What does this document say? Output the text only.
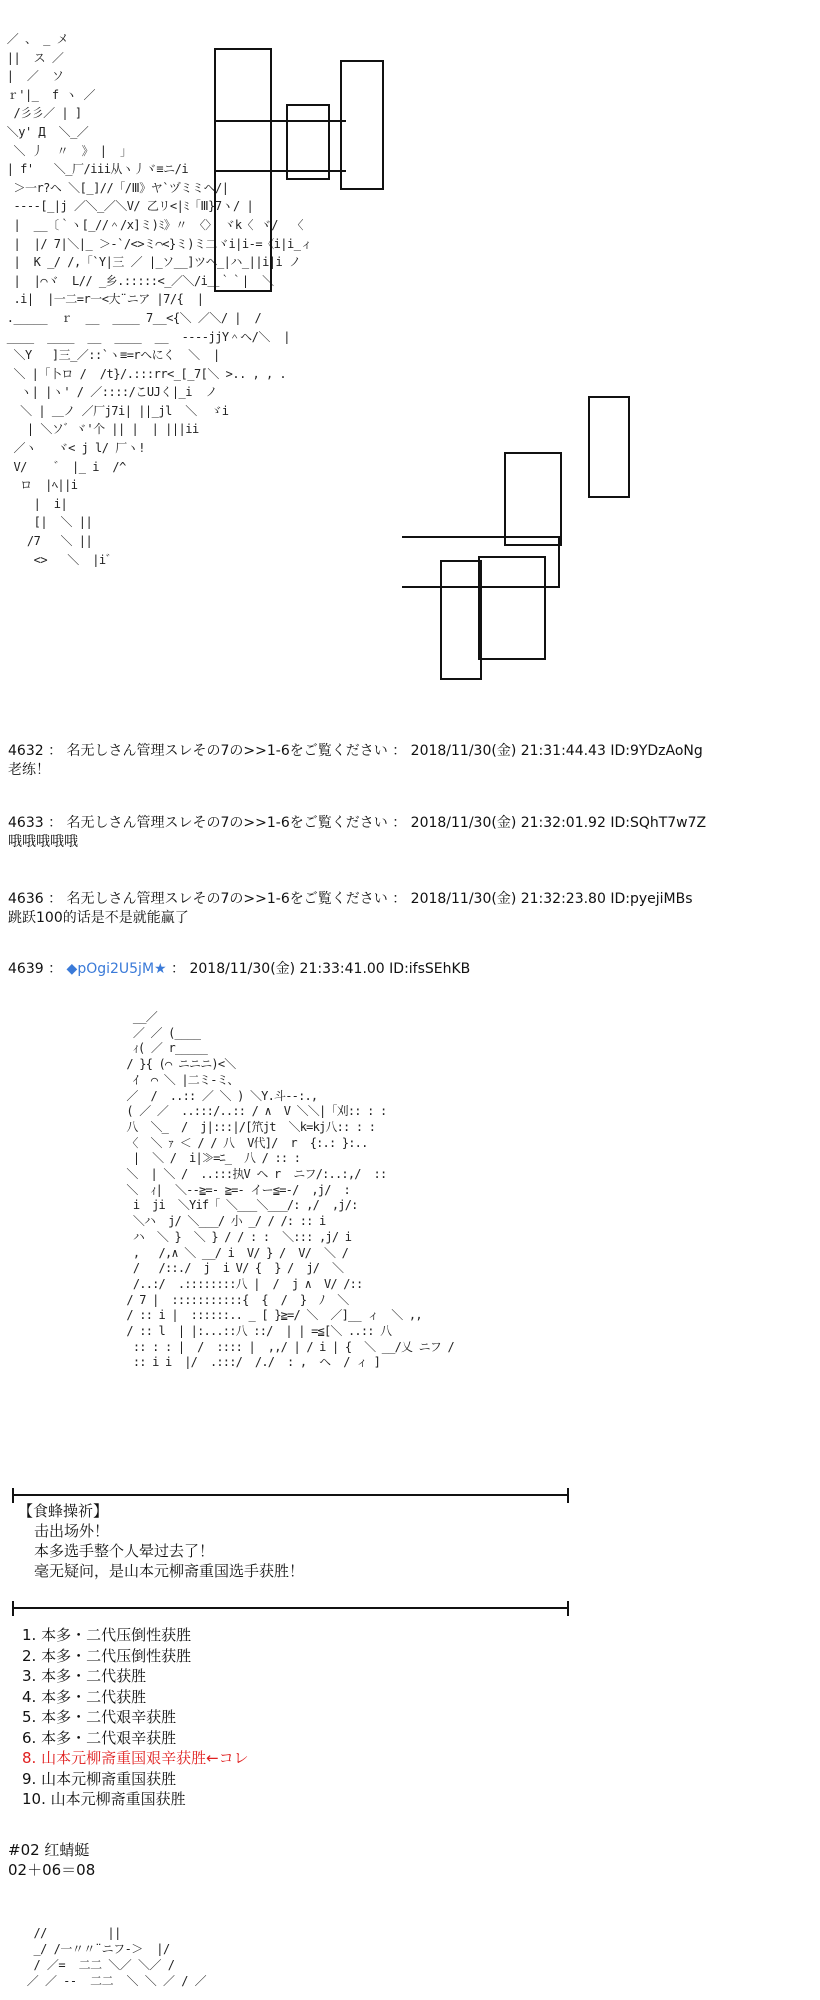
／ 、 _ メ
||  ス ／
|  ／  ソ
ｒ'|_  f ヽ ／
/彡彡／ | ]
＼y' Д  ＼_／
＼ 丿  〃  》 |  」
| f'   ＼_厂/iii从ヽ丿ヾ≡ニ/i
＞一r?ヘ ＼[_]//「/Ⅲ》ヤ`ヅミミヘ/|
----[_|j ／＼_／＼V/ 乙リ<|ﾐ「Ⅲ}7ヽ/ |
|  __〔｀ヽ[_//＾/x]ミ)ﾐ》〃 〈〉 ヾk〈 ヾ/  〈
|  |/ 7|＼|_ ＞-`/<>ミ⌒<}ミ)ミ二ヾi|i-=《i|i_ィ
|  K _/ /,「`Y|三 ／ |_ソ__]ツヘ_|ハ_||i|i ノ
|  |⌒ヾ  L// _乡.:::::<_／＼/i＿｀｀|  ＼
.i|  |一二=r一<大¨ニア |7/{  |
._____  ｒ  __  ____ 7__<{＼ ／＼/ |  /
____  ____  __  ____  __  ----jjY＾ヘ/＼  |
＼Y   ]三_／::`ヽ≡=rヘにく  ＼  |
＼ |「卜ロ /  /t}/.:::rr<_[_7[＼ >.. , , .
ヽ| |ヽ' / ／::::/こUJく|_i  ノ
＼ | ＿ノ ／厂j7i| ||_jl  ＼  ゞi
| ＼ソ゛ヾ'个 || |  | |||ii
／ヽ   ヾ< j l/ 厂ヽ!
V/    ゛ |_ i  /^
ロ  |ﾍ||i
|  i|
[|  ＼ ||
/7   ＼ ||
<>   ＼  |i゛
4632 ： 名无しさん管理スレその7の>>1-6をご覧ください ： 2018/11/30(金) 21:31:44.43 ID:9YDzAoNg
老练！
4633 ： 名无しさん管理スレその7の>>1-6をご覧ください ： 2018/11/30(金) 21:32:01.92 ID:SQhT7w7Z
哦哦哦哦哦
4636 ： 名无しさん管理スレその7の>>1-6をご覧ください ： 2018/11/30(金) 21:32:23.80 ID:pyejiMBs
跳跃100的话是不是就能赢了
4639 ： ◆pOgi2U5jM★ ： 2018/11/30(金) 21:33:41.00 ID:ifsSEhKB
__／
／ ／ (____
ｨ( ／ r_____
/ }{ (⌒ ニニニ)<＼
ｲ  ⌒ ＼ |二ミ-ミ、
／  /  ..:: ／ ＼ ) ＼Y.斗--:.,
( ／ ／  ..:::/..:: / ∧  V ＼＼|「刈:: : :
八  ＼_  /  j|:::|/[笊jt  ＼k=kj八:: : :
〈  ＼ ｧ ＜ / / 八  V代]/  r  {:.: }:..
|  ＼ /  i|≫=ﾆ_  八 / :: :
＼  | ＼ /  ..:::执V ヘ r  ニフ/:..:,/  ::
＼  ｨ|  ＼--≧=- ≧=- イー≦=-/  ,j/  :
i  ji  ＼Yif「 ＼___＼___/: ,/  ,j/:
＼ハ  j/ ＼___/ 小 _/ / /: :: i
ハ  ＼ }  ＼ } / / : :  ＼::: ,j/ i
,   /,∧ ＼ __/ i  V/ } /  V/  ＼ /
/   /::./  j  i V/ {  } /  j/  ＼
/..:/  .::::::::八 |  /  j ∧  V/ /::
/ 7 |  :::::::::::{  {  /  }  ﾉ  ＼
/ :: i |  ::::::.. _ [ }≧=/ ＼  ／]__ ィ  ＼ ,,
/ :: l  | |:...::八 ::/  | | =≦[＼ ..:: 八
:: : : |  /  :::: |  ,,/ | / i | {  ＼ __/乂 ニフ /
:: i i  |/  .:::/  /./  : ,  ヘ  / ィ ]
【食蜂操祈】
击出场外！
本多选手整个人晕过去了！
毫无疑问，是山本元柳斋重国选手获胜！
1. 本多・二代压倒性获胜
2. 本多・二代压倒性获胜
3. 本多・二代获胜
4. 本多・二代获胜
5. 本多・二代艰辛获胜
6. 本多・二代艰辛获胜
8. 山本元柳斋重国艰辛获胜←コレ
9. 山本元柳斋重国获胜
10. 山本元柳斋重国获胜
#02 红蜻蜓
02＋06＝08
//         ||
_/ /一〃〃¨ニフ-＞  |/
/ ／=  二二 ＼／ ＼／ /
／ ／ --  二二  ＼ ＼ ／ / ／
